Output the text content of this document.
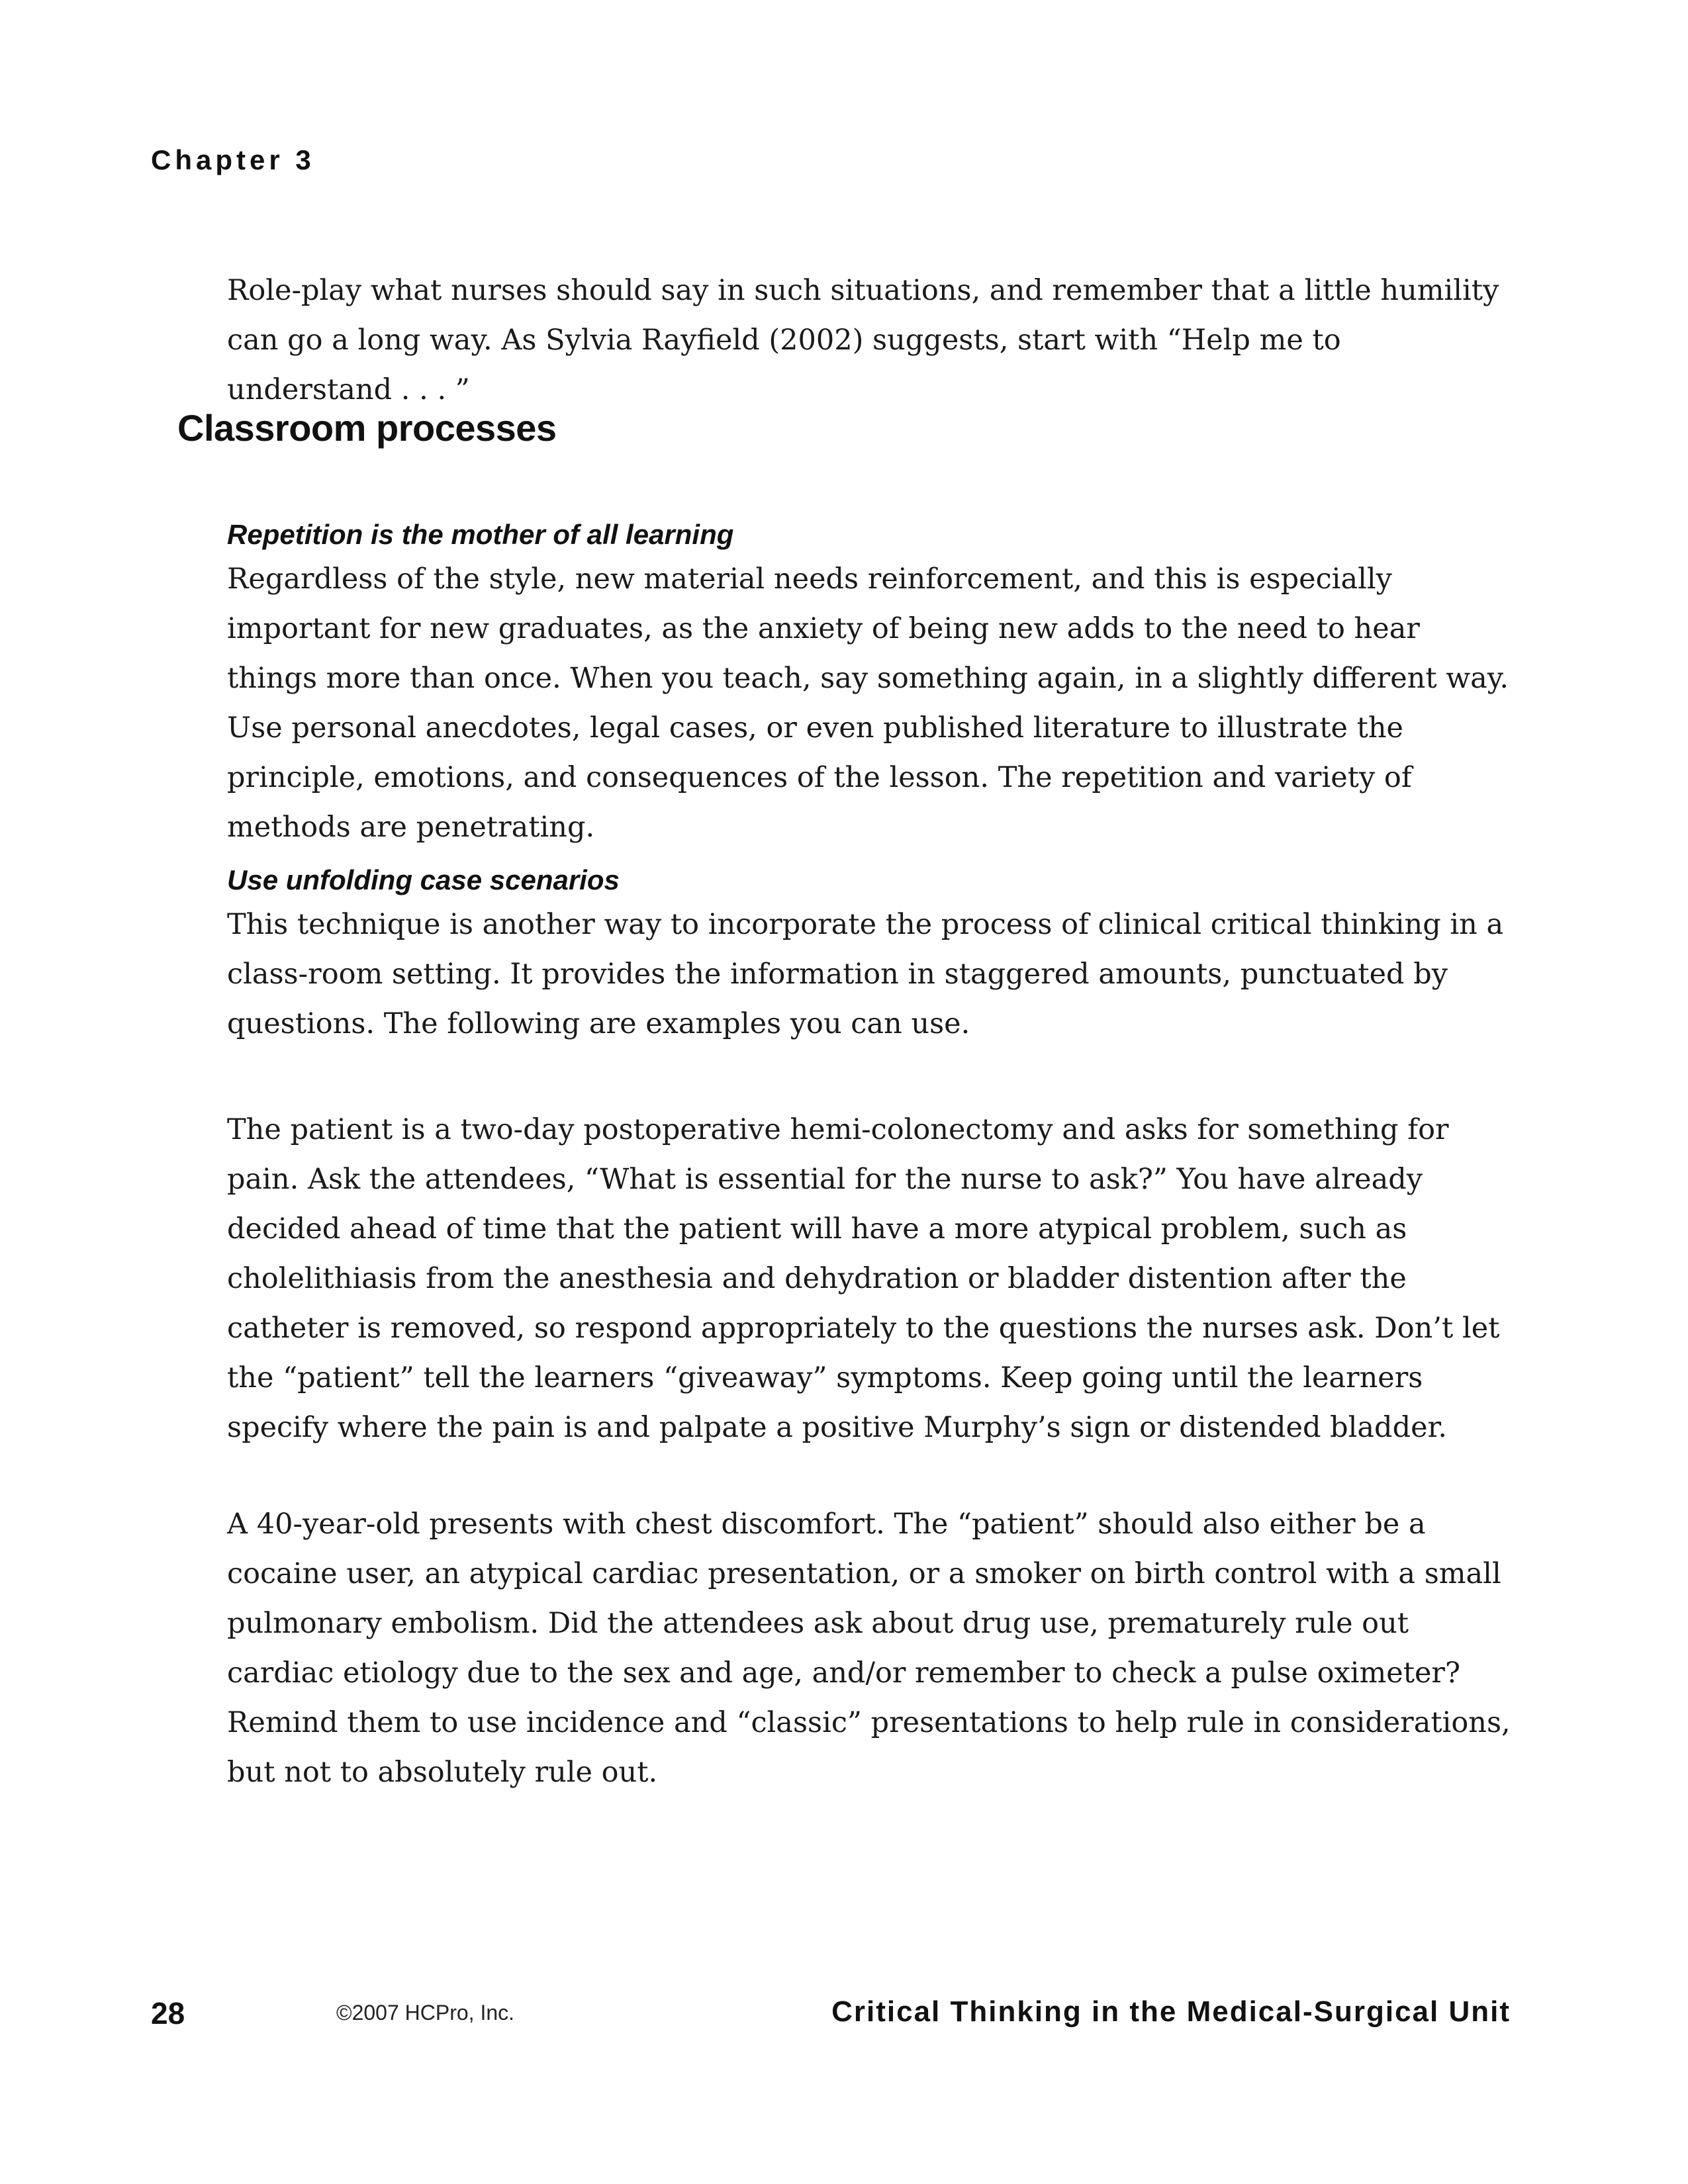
Chapter 3

Role-play what nurses should say in such situations, and remember that a little humility can go a long way. As Sylvia Rayfield (2002) suggests, start with “Help me to understand . . . ”

Classroom processes
Repetition is the mother of all learning

Regardless of the style, new material needs reinforcement, and this is especially important for new graduates, as the anxiety of being new adds to the need to hear things more than once. When you teach, say something again, in a slightly different way. Use personal anecdotes, legal cases, or even published literature to illustrate the principle, emotions, and consequences of the lesson. The repetition and variety of methods are penetrating.

Use unfolding case scenarios

This technique is another way to incorporate the process of clinical critical thinking in a class-room setting. It provides the information in staggered amounts, punctuated by questions. The following are examples you can use.

The patient is a two-day postoperative hemi-colonectomy and asks for something for pain. Ask the attendees, “What is essential for the nurse to ask?” You have already decided ahead of time that the patient will have a more atypical problem, such as cholelithiasis from the anesthesia and dehydration or bladder distention after the catheter is removed, so respond appropriately to the questions the nurses ask. Don’t let the “patient” tell the learners “giveaway” symptoms. Keep going until the learners specify where the pain is and palpate a positive Murphy’s sign or distended bladder.

A 40-year-old presents with chest discomfort. The “patient” should also either be a cocaine user, an atypical cardiac presentation, or a smoker on birth control with a small pulmonary embolism. Did the attendees ask about drug use, prematurely rule out cardiac etiology due to the sex and age, and/or remember to check a pulse oximeter? Remind them to use incidence and “classic” presentations to help rule in considerations, but not to absolutely rule out.

28	©2007 HCPro, Inc.	Critical Thinking in the Medical-Surgical Unit
